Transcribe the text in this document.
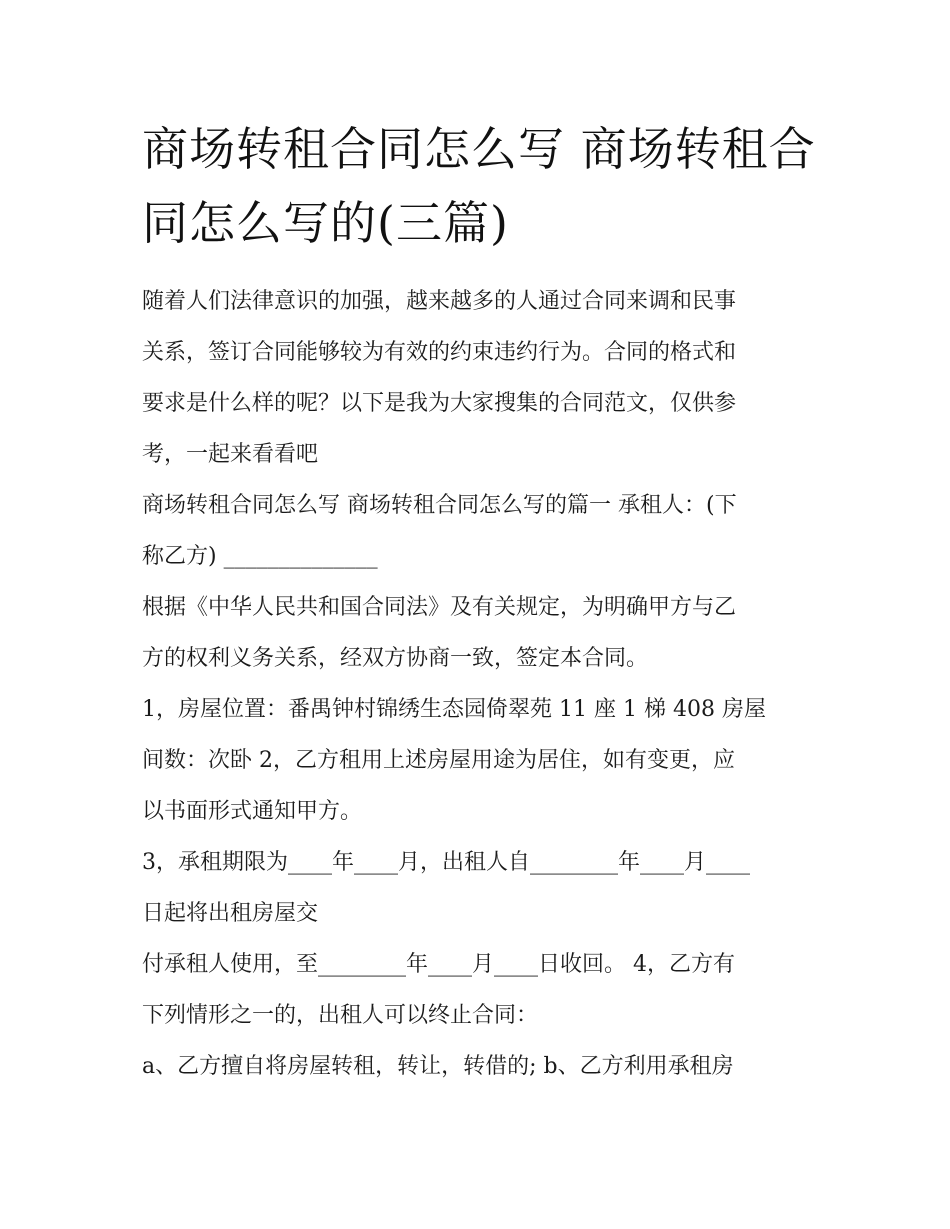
商场转租合同怎么写 商场转租合同怎么写的(三篇)
随着人们法律意识的加强，越来越多的人通过合同来调和民事
关系，签订合同能够较为有效的约束违约行为。合同的格式和
要求是什么样的呢？以下是我为大家搜集的合同范文，仅供参
考，一起来看看吧
商场转租合同怎么写 商场转租合同怎么写的篇一 承租人：(下
称乙方) ______________
根据《中华人民共和国合同法》及有关规定，为明确甲方与乙
方的权利义务关系，经双方协商一致，签定本合同。
1，房屋位置：番禺钟村锦绣生态园倚翠苑 11 座 1 梯 408 房屋
间数：次卧 2，乙方租用上述房屋用途为居住，如有变更，应
以书面形式通知甲方。
3，承租期限为____年____月，出租人自________年____月____
日起将出租房屋交
付承租人使用，至________年____月____日收回。 4，乙方有
下列情形之一的，出租人可以终止合同：
a、乙方擅自将房屋转租，转让，转借的; b、乙方利用承租房
